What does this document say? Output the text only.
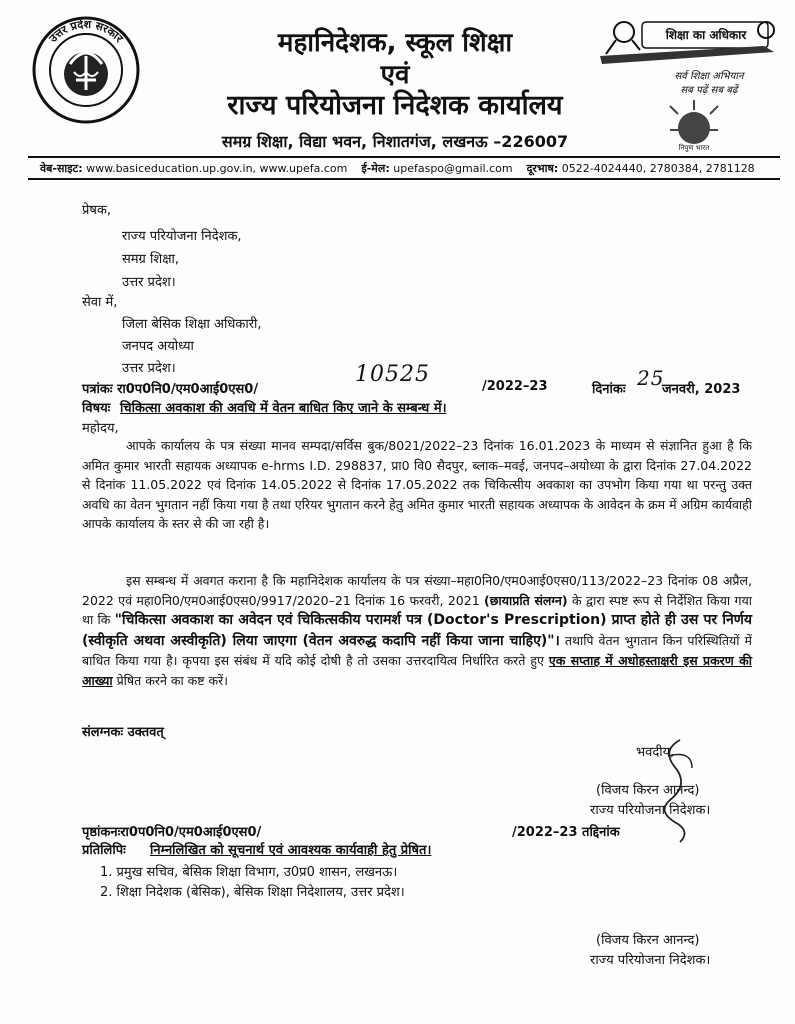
उत्तर प्रदेश सरकार	महानिदेशक, स्कूल शिक्षा
एवं
राज्य परियोजना निदेशक कार्यालय
समग्र शिक्षा, विद्या भवन, निशातगंज, लखनऊ –226007
शिक्षा का अधिकार
सर्व शिक्षा अभियान
सब पढ़ें सब बढ़ें
निपुण भारत
वेब-साइट: www.basiceducation.up.gov.in, www.upefa.com ई-मेल: upefaspo@gmail.com दूरभाष: 0522-4024440, 2780384, 2781128
प्रेषक,
राज्य परियोजना निदेशक,
समग्र शिक्षा,
उत्तर प्रदेश।
सेवा में,
जिला बेसिक शिक्षा अधिकारी,
जनपद अयोध्या
उत्तर प्रदेश।
पत्रांकः रा0प0नि0/एम0आई0एस0/
10525	/2022–23	दिनांकः 25
जनवरी, 2023
विषयः चिकित्सा अवकाश की अवधि में वेतन बाधित किए जाने के सम्बन्ध में।
महोदय,
आपके कार्यालय के पत्र संख्या मानव सम्पदा/सर्विस बुक/8021/2022–23 दिनांक 16.01.2023 के माध्यम से संज्ञानित हुआ है कि अमित कुमार भारती सहायक अध्यापक e-hrms I.D. 298837, प्रा0 वि0 सैदपुर, ब्लाक–मवई, जनपद–अयोध्या के द्वारा दिनांक 27.04.2022 से दिनांक 11.05.2022 एवं दिनांक 14.05.2022 से दिनांक 17.05.2022 तक चिकित्सीय अवकाश का उपभोग किया गया था परन्तु उक्त अवधि का वेतन भुगतान नहीं किया गया है तथा एरियर भुगतान करने हेतु अमित कुमार भारती सहायक अध्यापक के आवेदन के क्रम में अग्रिम कार्यवाही आपके कार्यालय के स्तर से की जा रही है।
इस सम्बन्ध में अवगत कराना है कि महानिदेशक कार्यालय के पत्र संख्या–महा0नि0/एम0आई0एस0/113/2022–23 दिनांक 08 अप्रैल, 2022 एवं महा0नि0/एम0आई0एस0/9917/2020–21 दिनांक 16 फरवरी, 2021 (छायाप्रति संलग्न) के द्वारा स्पष्ट रूप से निर्देशित किया गया था कि "चिकित्सा अवकाश का अवेदन एवं चिकित्सकीय परामर्श पत्र (Doctor's Prescription) प्राप्त होते ही उस पर निर्णय (स्वीकृति अथवा अस्वीकृति) लिया जाएगा (वेतन अवरुद्ध कदापि नहीं किया जाना चाहिए)"। तथापि वेतन भुगतान किन परिस्थितियों में बाधित किया गया है। कृपया इस संबंध में यदि कोई दोषी है तो उसका उत्तरदायित्व निर्धारित करते हुए एक सप्ताह में अधोहस्ताक्षरी इस प्रकरण की आख्या प्रेषित करने का कष्ट करें।
संलग्नकः उक्तवत्
भवदीय,
(विजय किरन आनन्द)
राज्य परियोजना निदेशक।
पृष्ठांकनःरा0प0नि0/एम0आई0एस0/	/2022–23 तद्दिनांक
प्रतिलिपिः निम्नलिखित को सूचनार्थ एवं आवश्यक कार्यवाही हेतु प्रेषित।
1. प्रमुख सचिव, बेसिक शिक्षा विभाग, उ0प्र0 शासन, लखनऊ।
2. शिक्षा निदेशक (बेसिक), बेसिक शिक्षा निदेशालय, उत्तर प्रदेश।
(विजय किरन आनन्द)
राज्य परियोजना निदेशक।
